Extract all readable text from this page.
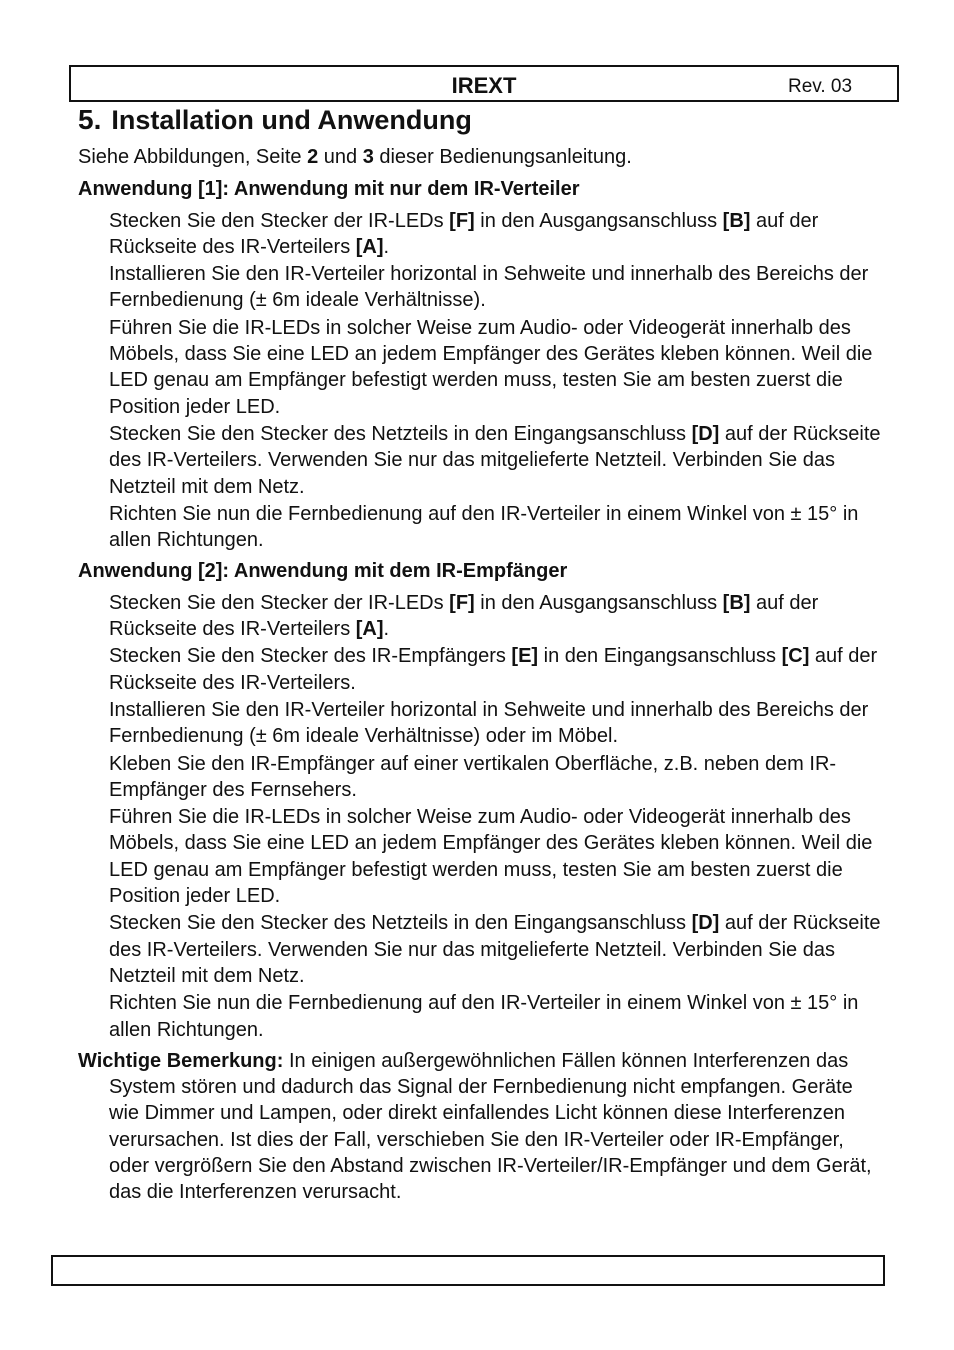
IREXT	Rev. 03
5. Installation und Anwendung

Siehe Abbildungen, Seite 2 und 3 dieser Bedienungsanleitung.

Anwendung [1]: Anwendung mit nur dem IR-Verteiler

Stecken Sie den Stecker der IR-LEDs [F] in den Ausgangsanschluss [B] auf der Rückseite des IR-Verteilers [A].

Installieren Sie den IR-Verteiler horizontal in Sehweite und innerhalb des Bereichs der Fernbedienung (± 6m ideale Verhältnisse).

Führen Sie die IR-LEDs in solcher Weise zum Audio- oder Videogerät innerhalb des Möbels, dass Sie eine LED an jedem Empfänger des Gerätes kleben können. Weil die LED genau am Empfänger befestigt werden muss, testen Sie am besten zuerst die Position jeder LED.

Stecken Sie den Stecker des Netzteils in den Eingangsanschluss [D] auf der Rückseite des IR-Verteilers. Verwenden Sie nur das mitgelieferte Netzteil. Verbinden Sie das Netzteil mit dem Netz.

Richten Sie nun die Fernbedienung auf den IR-Verteiler in einem Winkel von ± 15° in allen Richtungen.

Anwendung [2]: Anwendung mit dem IR-Empfänger

Stecken Sie den Stecker der IR-LEDs [F] in den Ausgangsanschluss [B] auf der Rückseite des IR-Verteilers [A].

Stecken Sie den Stecker des IR-Empfängers [E] in den Eingangsanschluss [C] auf der Rückseite des IR-Verteilers.

Installieren Sie den IR-Verteiler horizontal in Sehweite und innerhalb des Bereichs der Fernbedienung (± 6m ideale Verhältnisse) oder im Möbel.

Kleben Sie den IR-Empfänger auf einer vertikalen Oberfläche, z.B. neben dem IR-Empfänger des Fernsehers.

Führen Sie die IR-LEDs in solcher Weise zum Audio- oder Videogerät innerhalb des Möbels, dass Sie eine LED an jedem Empfänger des Gerätes kleben können. Weil die LED genau am Empfänger befestigt werden muss, testen Sie am besten zuerst die Position jeder LED.

Stecken Sie den Stecker des Netzteils in den Eingangsanschluss [D] auf der Rückseite des IR-Verteilers. Verwenden Sie nur das mitgelieferte Netzteil. Verbinden Sie das Netzteil mit dem Netz.

Richten Sie nun die Fernbedienung auf den IR-Verteiler in einem Winkel von ± 15° in allen Richtungen.

Wichtige Bemerkung: In einigen außergewöhnlichen Fällen können Interferenzen das System stören und dadurch das Signal der Fernbedienung nicht empfangen. Geräte wie Dimmer und Lampen, oder direkt einfallendes Licht können diese Interferenzen verursachen. Ist dies der Fall, verschieben Sie den IR-Verteiler oder IR-Empfänger, oder vergrößern Sie den Abstand zwischen IR-Verteiler/IR-Empfänger und dem Gerät, das die Interferenzen verursacht.
